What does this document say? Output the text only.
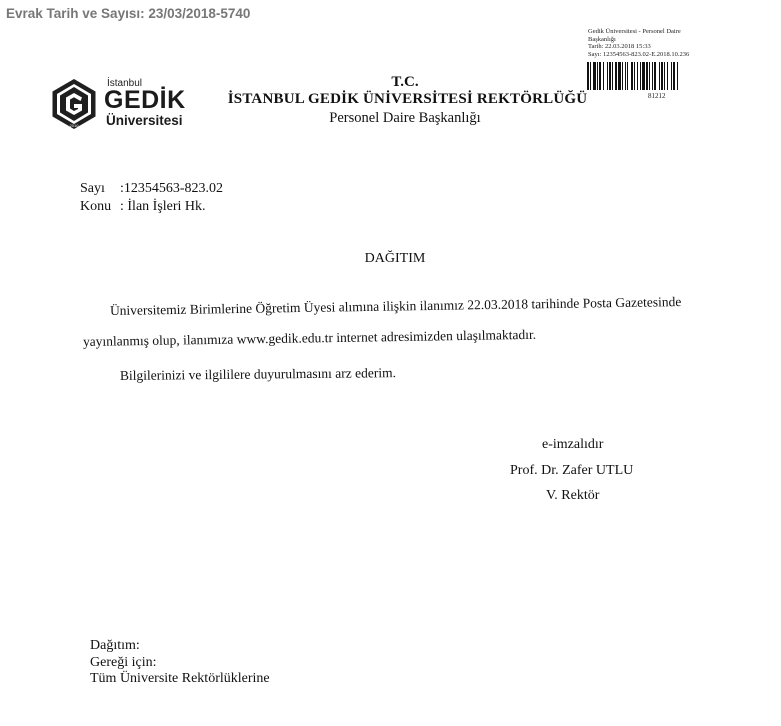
Evrak Tarih ve Sayısı: 23/03/2018-5740
Gedik Üniversitesi - Personel Daire
Başkanlığı
Tarih: 22.03.2018 15:33
Sayı: 12354563-823.02-E.2018.10.236
81212
2010
İstanbul
GEDİK
Üniversitesi
T.C.
İSTANBUL GEDİK ÜNİVERSİTESİ REKTÖRLÜĞÜ
Personel Daire Başkanlığı
Sayı :12354563-823.02
Konu : İlan İşleri Hk.
DAĞITIM
Üniversitemiz Birimlerine Öğretim Üyesi alımına ilişkin ilanımız 22.03.2018 tarihinde Posta Gazetesinde
yayınlanmış olup, ilanımıza www.gedik.edu.tr internet adresimizden ulaşılmaktadır.
Bilgilerinizi ve ilgililere duyurulmasını arz ederim.
e-imzalıdır
Prof. Dr. Zafer UTLU
V. Rektör
Dağıtım:
Gereği için:
Tüm Üniversite Rektörlüklerine
